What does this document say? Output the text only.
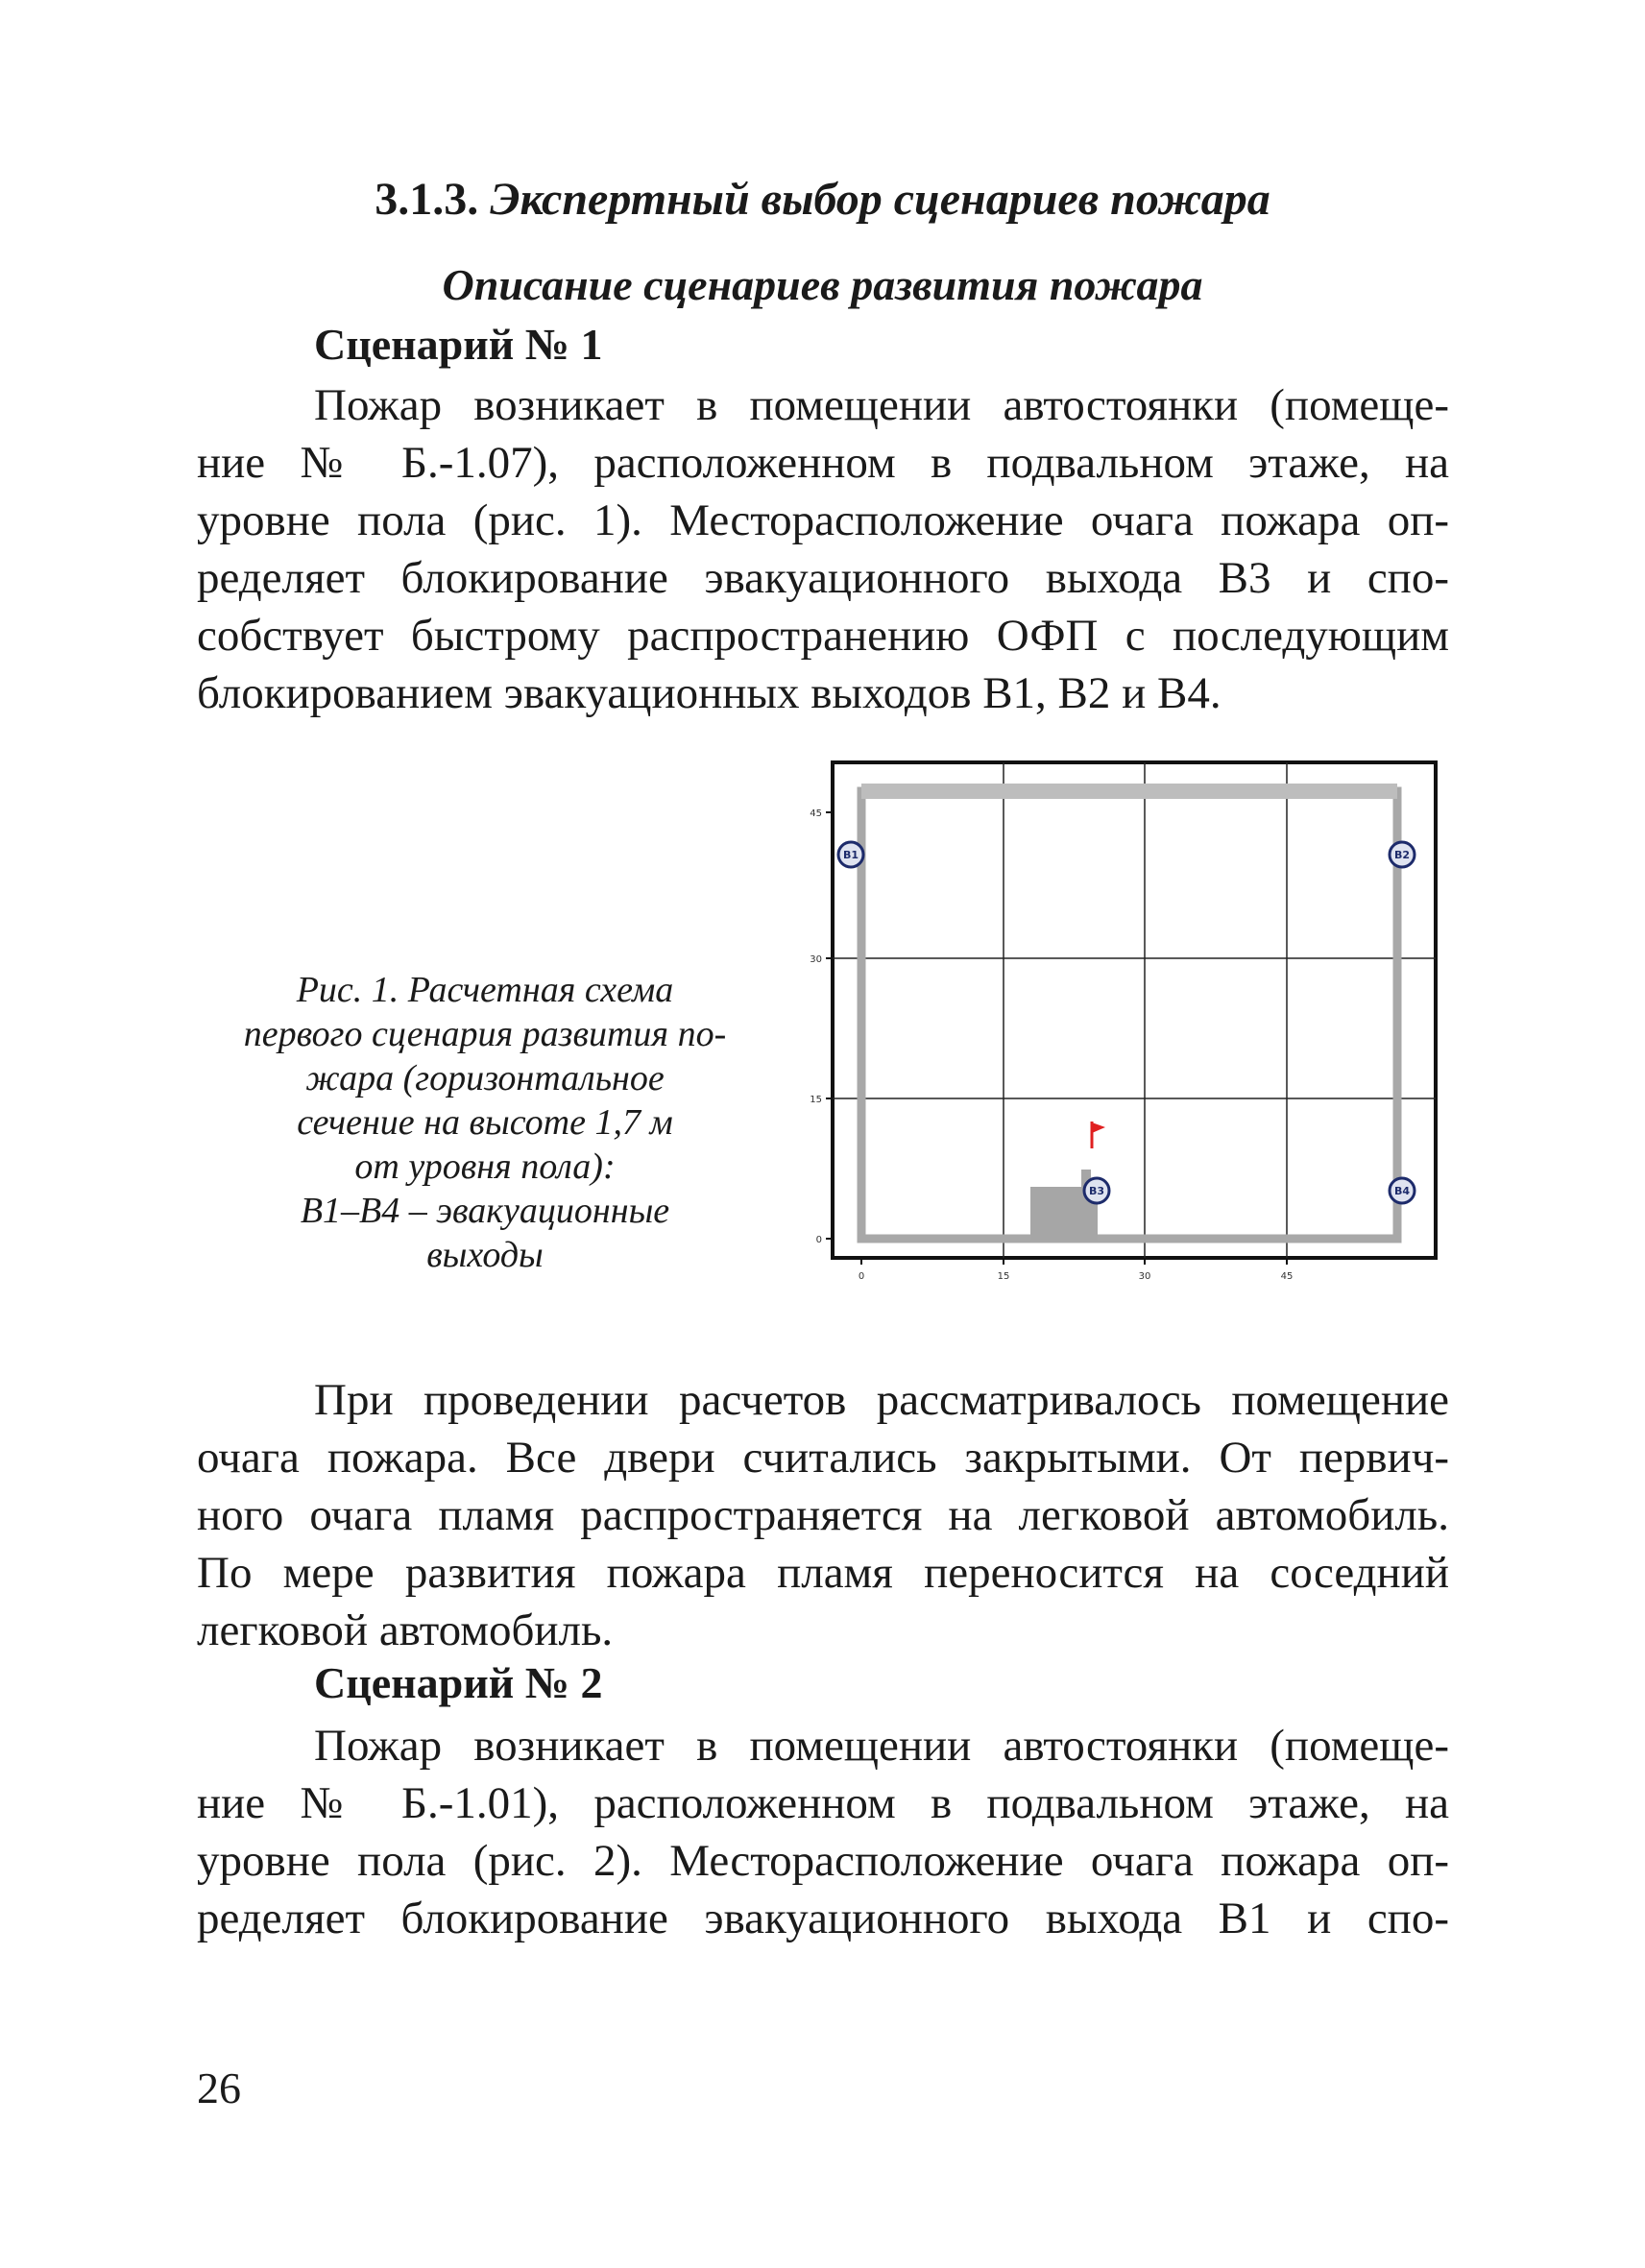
3.1.3. Экспертный выбор сценариев пожара
Описание сценариев развития пожара
Сценарий № 1
Пожар возникает в помещении автостоянки (помеще-
ние № Б.-1.07), расположенном в подвальном этаже, на
уровне пола (рис. 1). Месторасположение очага пожара оп-
ределяет блокирование эвакуационного выхода В3 и спо-
собствует быстрому распространению ОФП с последующим
блокированием эвакуационных выходов В1, В2 и В4.
Рис. 1. Расчетная схема
первого сценария развития по-
жара (горизонтальное
сечение на высоте 1,7 м
от уровня пола):
В1–В4 – эвакуационные
выходы
45
30
15
0
0	15	30	45
B1	B2
B3	B4
При проведении расчетов рассматривалось помещение
очага пожара. Все двери считались закрытыми. От первич-
ного очага пламя распространяется на легковой автомобиль.
По мере развития пожара пламя переносится на соседний
легковой автомобиль.
Сценарий № 2
Пожар возникает в помещении автостоянки (помеще-
ние № Б.-1.01), расположенном в подвальном этаже, на
уровне пола (рис. 2). Месторасположение очага пожара оп-
ределяет блокирование эвакуационного выхода В1 и спо-

26
